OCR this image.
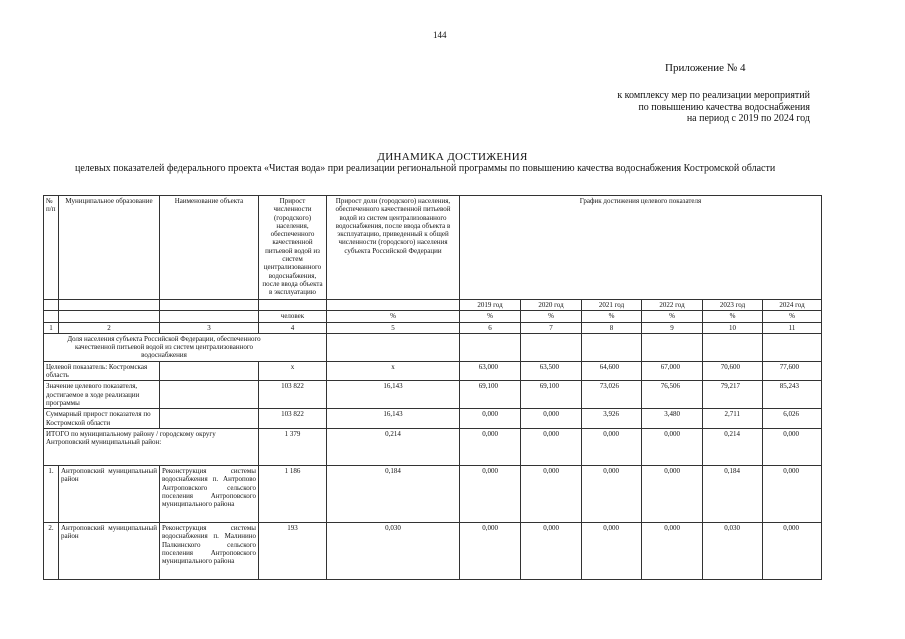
144
Приложение № 4
к комплексу мер по реализации мероприятий
по повышению качества водоснабжения
на период с 2019 по 2024 год
ДИНАМИКА ДОСТИЖЕНИЯ
целевых показателей федерального проекта «Чистая вода» при реализации региональной программы по повышению качества водоснабжения Костромской области
№ п/п	Муниципальное образование	Наименование объекта	Прирост численности (городского) населения, обеспеченного качественной питьевой водой из систем централизованного водоснабжения, после ввода объекта в эксплуатацию	Прирост доли (городского) населения, обеспеченного качественной питьевой водой из систем централизованного водоснабжения, после ввода объекта в эксплуатацию, приведенный к общей численности (городского) населения субъекта Российской Федерации	График достижения целевого показателя					
					2019 год	2020 год	2021 год	2022 год	2023 год	2024 год
			человек	%	%	%	%	%	%	%
1	2	3	4	5	6	7	8	9	10	11
Доля населения субъекта Российской Федерации, обеспеченного качественной питьевой водой из систем централизованного водоснабжения										
Целевой показатель: Костромская область			х	х	63,000	63,500	64,600	67,000	70,600	77,600
Значение целевого показателя, достигаемое в ходе реализации программы			103 822	16,143	69,100	69,100	73,026	76,506	79,217	85,243
Суммарный прирост показателя по Костромской области			103 822	16,143	0,000	0,000	3,926	3,480	2,711	6,026
ИТОГО по муниципальному району / городскому округу Антроповский муниципальный район:			1 379	0,214	0,000	0,000	0,000	0,000	0,214	0,000
1.	Антроповский муниципальный район	Реконструкция системы водоснабжения п. Антропово Антроповского сельского поселения Антроповского муниципального района	1 186	0,184	0,000	0,000	0,000	0,000	0,184	0,000
2.	Антроповский муниципальный район	Реконструкция системы водоснабжения п. Малинино Палкинского сельского поселения Антроповского муниципального района	193	0,030	0,000	0,000	0,000	0,000	0,030	0,000
